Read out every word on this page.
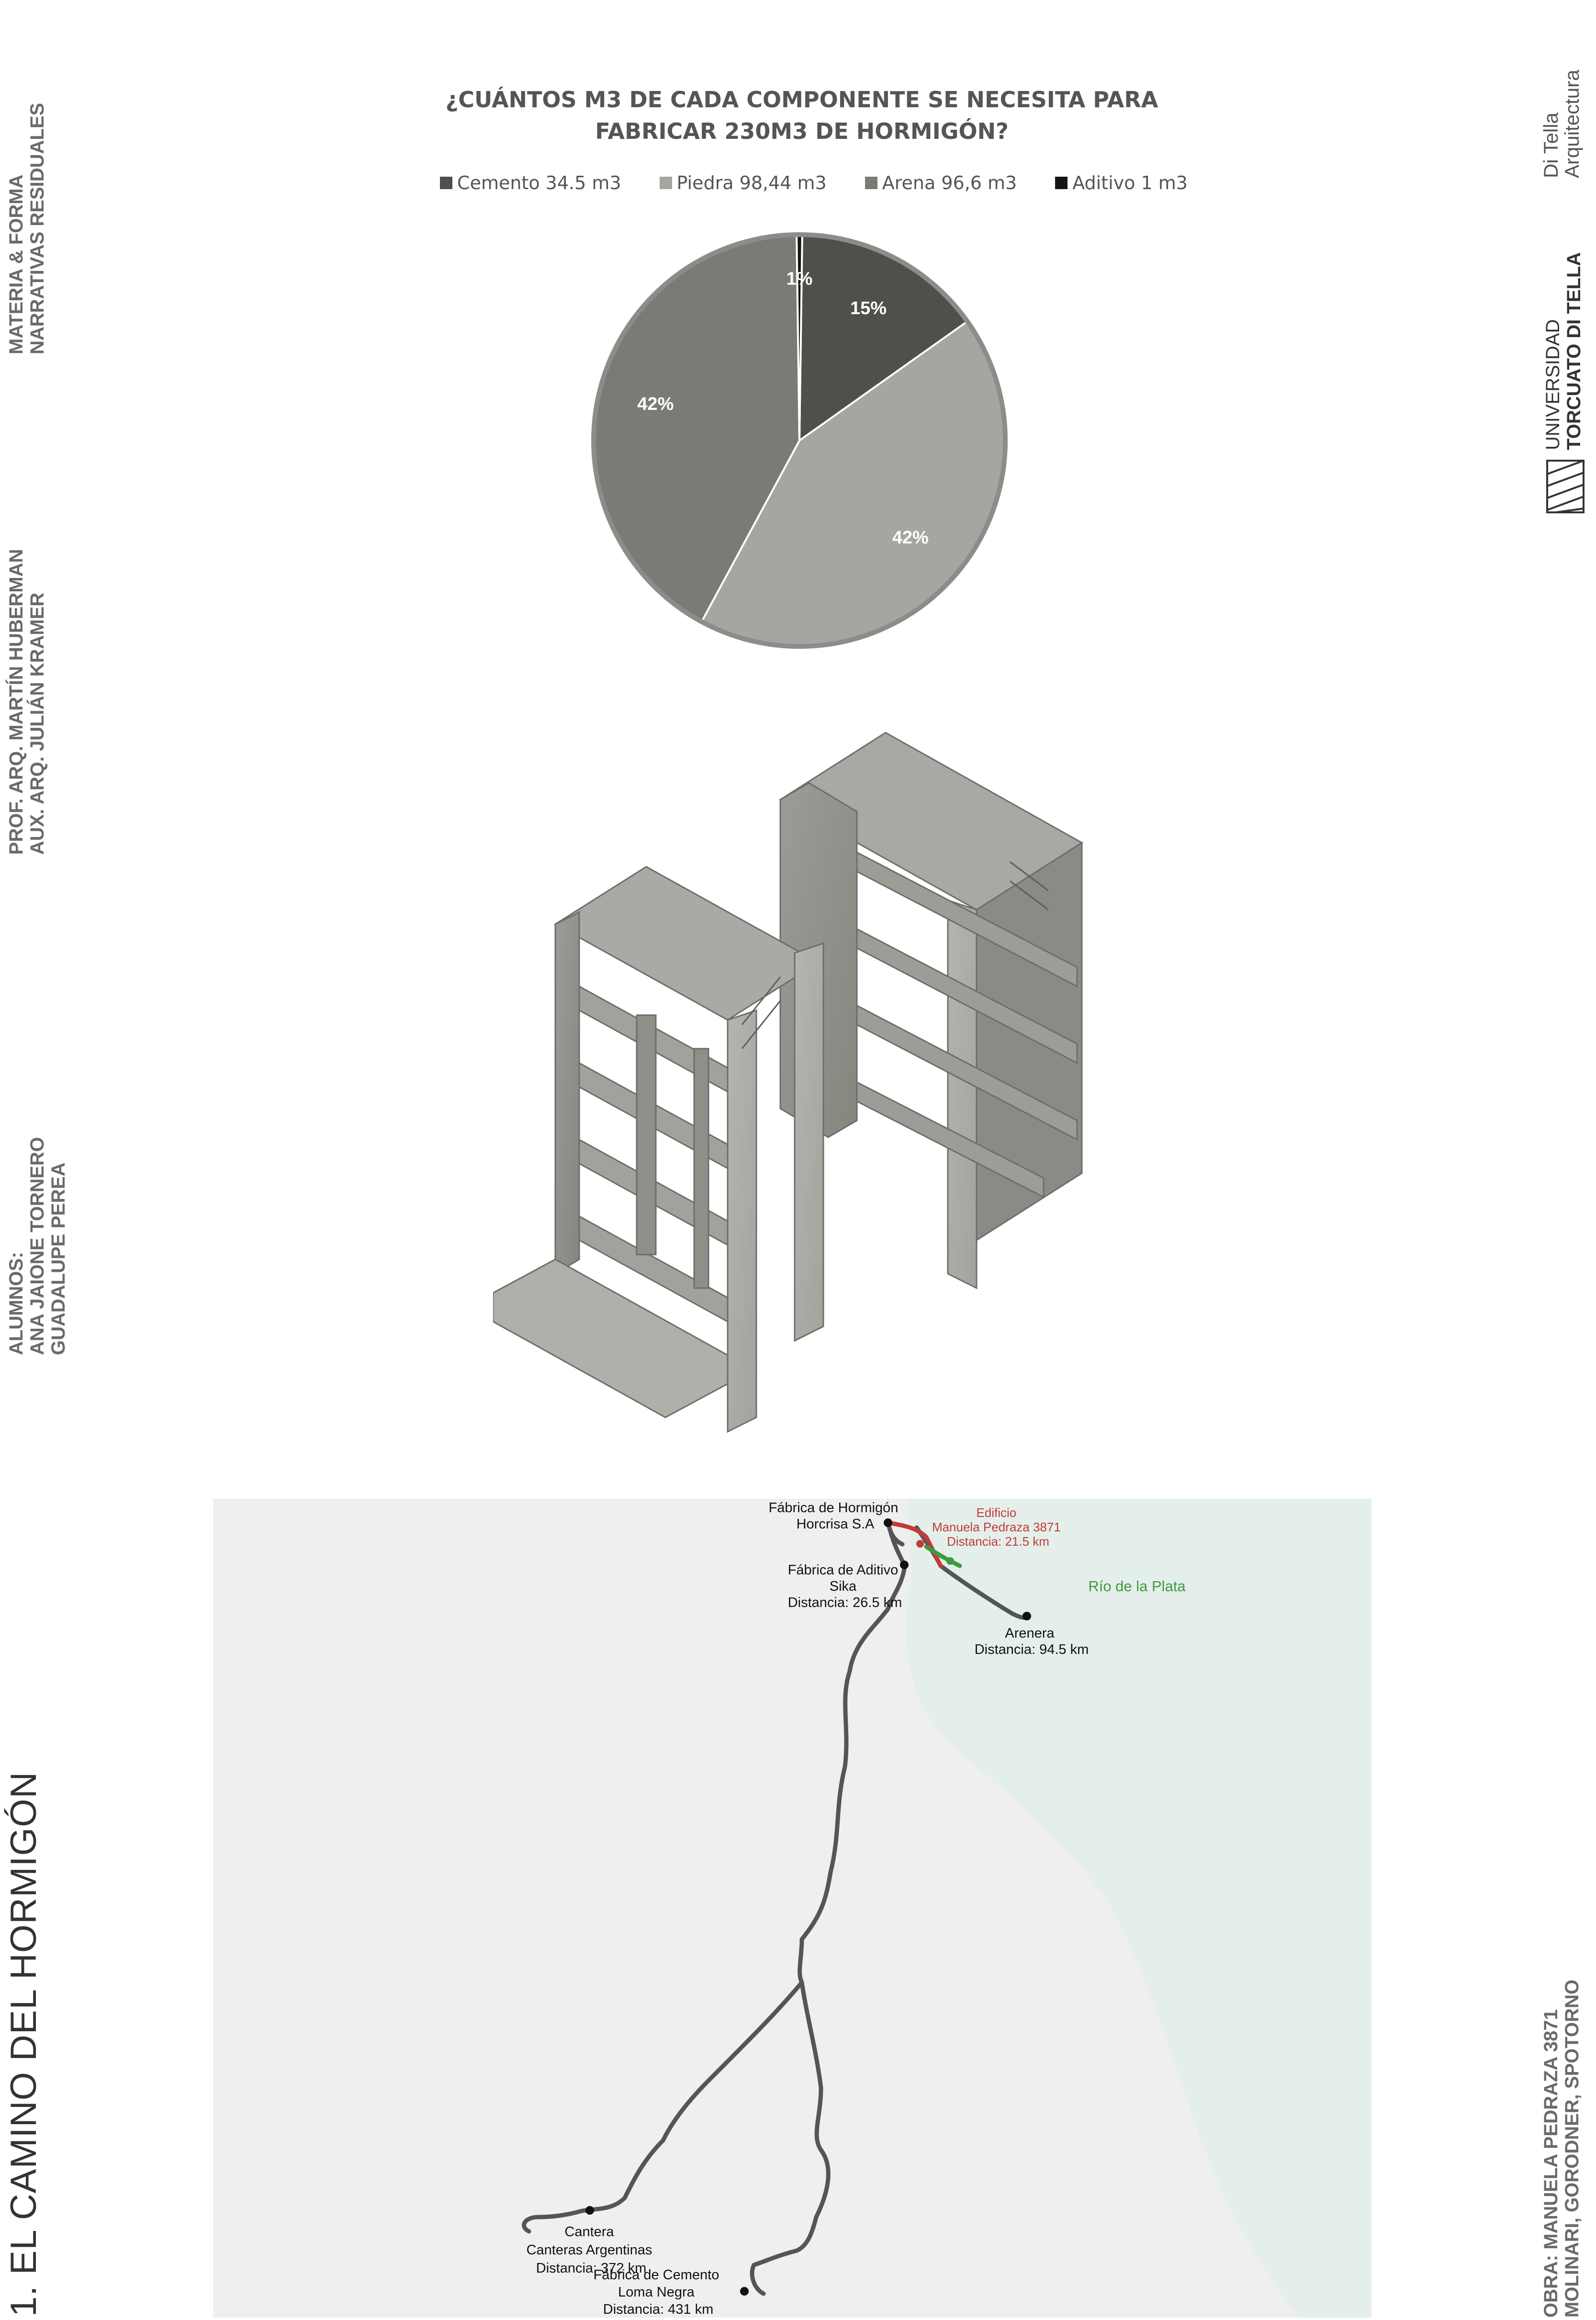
MATERIA & FORMA NARRATIVAS RESIDUALES
PROF. ARQ. MARTÍN HUBERMAN AUX. ARQ. JULIÁN KRAMER
ALUMNOS: ANA JAIONE TORNERO GUADALUPE PEREA
1. EL CAMINO DEL HORMIGÓN
Di Tella
Arquitectura
UNIVERSIDAD TORCUATO DI TELLA
OBRA: MANUELA PEDRAZA 3871 MOLINARI, GORODNER, SPOTORNO
¿CUÁNTOS M3 DE CADA COMPONENTE SE NECESITA PARA
FABRICAR 230M3 DE HORMIGÓN?
Cemento 34.5 m3	Piedra 98,44 m3	Arena 96,6 m3	Aditivo 1 m3
15%
42%
42%
1%
Fábrica de Hormigón Horcrisa S.A
Fábrica de Aditivo Sika Distancia: 26.5 km
Arenera Distancia: 94.5 km
Cantera Canteras Argentinas Distancia: 372 km
Fábrica de Cemento Loma Negra Distancia: 431 km
Edificio Manuela Pedraza 3871 Distancia: 21.5 km
Río de la Plata
